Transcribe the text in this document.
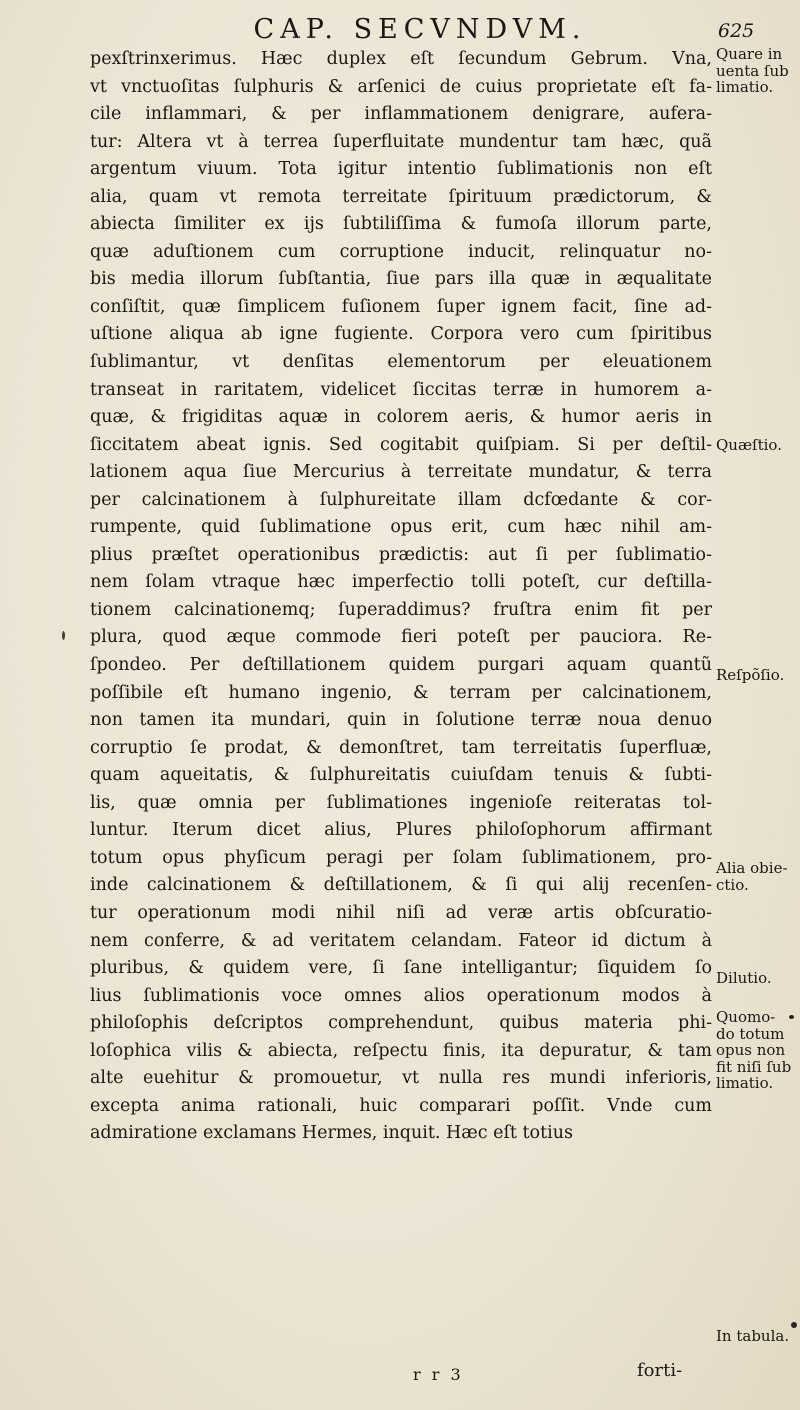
CAP. SECVNDVM.	625
pexſtrinxerimus. Hæc duplex eſt ſecundum Gebrum. Vna,
vt vnctuoſitas ſulphuris & arſenici de cuius proprietate eſt fa-
cile inflammari, & per inflammationem denigrare, aufera-
tur: Altera vt à terrea ſuperfluitate mundentur tam hæc, quã
argentum viuum. Tota igitur intentio ſublimationis non eſt
alia, quam vt remota terreitate ſpirituum prædictorum, &
abiecta ſimiliter ex ijs ſubtiliſſima & fumoſa illorum parte,
quæ aduſtionem cum corruptione inducit, relinquatur no-
bis media illorum ſubſtantia, ſiue pars illa quæ in æqualitate
conſiſtit, quæ ſimplicem fuſionem ſuper ignem facit, ſine ad-
uſtione aliqua ab igne fugiente. Corpora vero cum ſpiritibus
ſublimantur, vt denſitas elementorum per eleuationem
transeat in raritatem, videlicet ſiccitas terræ in humorem a-
quæ, & frigiditas aquæ in colorem aeris, & humor aeris in
ſiccitatem abeat ignis. Sed cogitabit quiſpiam. Si per deſtil-
lationem aqua ſiue Mercurius à terreitate mundatur, & terra
per calcinationem à ſulphureitate illam dcfœdante & cor-
rumpente, quid ſublimatione opus erit, cum hæc nihil am-
plius præſtet operationibus prædictis: aut ſi per ſublimatio-
nem ſolam vtraque hæc imperfectio tolli poteſt, cur deſtilla-
tionem calcinationemq; ſuperaddimus? fruſtra enim fit per
plura, quod æque commode fieri poteſt per pauciora. Re-
ſpondeo. Per deſtillationem quidem purgari aquam quantũ
poſſibile eſt humano ingenio, & terram per calcinationem,
non tamen ita mundari, quin in ſolutione terræ noua denuo
corruptio ſe prodat, & demonſtret, tam terreitatis ſuperfluæ,
quam aqueitatis, & ſulphureitatis cuiuſdam tenuis & ſubti-
lis, quæ omnia per ſublimationes ingenioſe reiteratas tol-
luntur. Iterum dicet alius, Plures philoſophorum affirmant
totum opus phyſicum peragi per ſolam ſublimationem, pro-
inde calcinationem & deſtillationem, & ſi qui alij recenſen-
tur operationum modi nihil niſi ad veræ artis obſcuratio-
nem conferre, & ad veritatem celandam. Fateor id dictum à
pluribus, & quidem vere, ſi ſane intelligantur; ſiquidem ſo
lius ſublimationis voce omnes alios operationum modos à
philoſophis deſcriptos comprehendunt, quibus materia phi-
loſophica vilis & abiecta, reſpectu finis, ita depuratur, & tam
alte euehitur & promouetur, vt nulla res mundi inferioris,
excepta anima rationali, huic comparari poſſit. Vnde cum
admiratione exclamans Hermes, inquit. Hæc eſt totius
Quare in
uenta ſub
limatio.
Quæſtio.
Reſpõſio.
Alia obie-
ctio.
Dilutio.
Quomo-
do totum
opus non
fit niſi ſub
limatio.
In tabula.
r r 3	forti-
